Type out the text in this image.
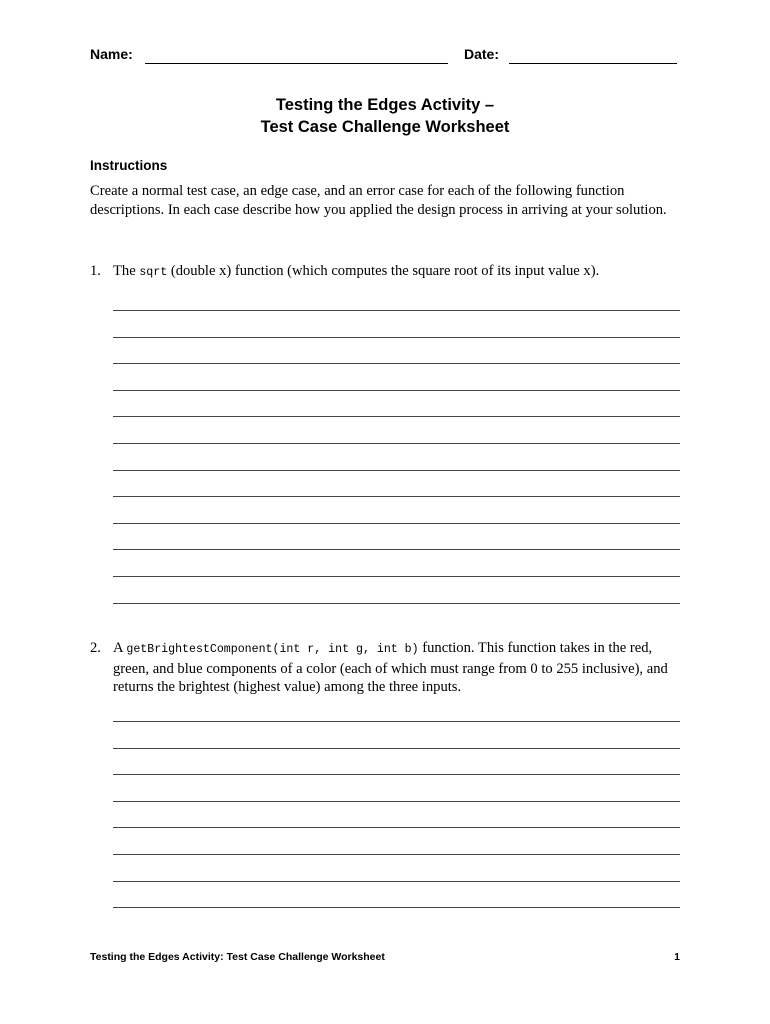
Name:	Date:
Testing the Edges Activity –
Test Case Challenge Worksheet
Instructions
Create a normal test case, an edge case, and an error case for each of the following function descriptions. In each case describe how you applied the design process in arriving at your solution.
1. The sqrt (double x) function (which computes the square root of its input value x).
2. A getBrightestComponent(int r, int g, int b) function. This function takes in the red, green, and blue components of a color (each of which must range from 0 to 255 inclusive), and returns the brightest (highest value) among the three inputs.
Testing the Edges Activity: Test Case Challenge Worksheet	1
